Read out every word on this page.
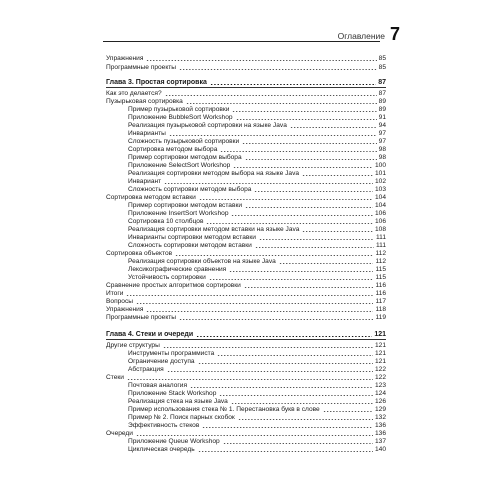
Оглавление 7
Упражнения	85
Программные проекты	85
Глава 3. Простая сортировка	87
Как это делается?	87
Пузырьковая сортировка	89
Пример пузырьковой сортировки	89
Приложение BubbleSort Workshop	91
Реализация пузырьковой сортировки на языке Java	94
Инварианты	97
Сложность пузырьковой сортировки	97
Сортировка методом выбора	98
Пример сортировки методом выбора	98
Приложение SelectSort Workshop	100
Реализация сортировки методом выбора на языке Java	101
Инвариант	102
Сложность сортировки методом выбора	103
Сортировка методом вставки	104
Пример сортировки методом вставки	104
Приложение InsertSort Workshop	106
Сортировка 10 столбцов	106
Реализация сортировки методом вставки на языке Java	108
Инварианты сортировки методом вставки	111
Сложность сортировки методом вставки	111
Сортировка объектов	112
Реализация сортировки объектов на языке Java	112
Лексикографические сравнения	115
Устойчивость сортировки	115
Сравнение простых алгоритмов сортировки	116
Итоги	116
Вопросы	117
Упражнения	118
Программные проекты	119
Глава 4. Стеки и очереди	121
Другие структуры	121
Инструменты программиста	121
Ограничение доступа	121
Абстракция	122
Стеки	122
Почтовая аналогия	123
Приложение Stack Workshop	124
Реализация стека на языке Java	126
Пример использования стека № 1. Перестановка букв в слове	129
Пример № 2. Поиск парных скобок	132
Эффективность стеков	136
Очереди	136
Приложение Queue Workshop	137
Циклическая очередь	140
